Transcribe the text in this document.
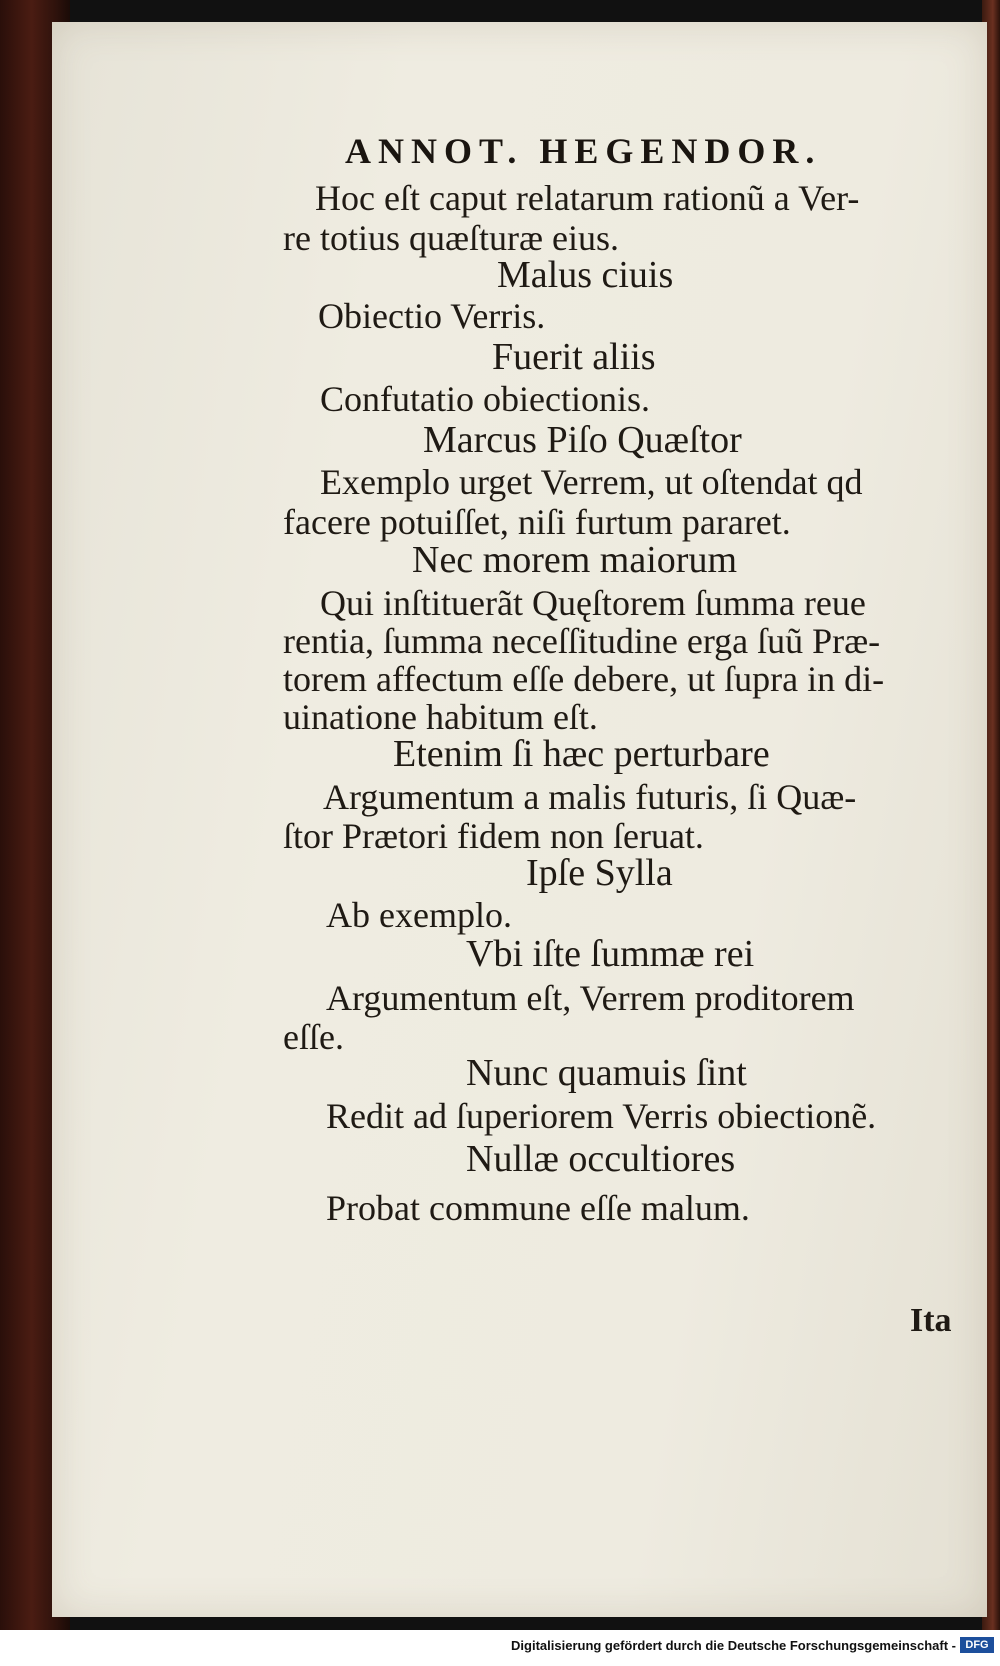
ANNOT. HEGENDOR.
Hoc eſt caput relatarum rationũ a Ver-
re totius quæſturæ eius.
Malus ciuis
Obiectio Verris.
Fuerit aliis
Confutatio obiectionis.
Marcus Piſo Quæſtor
Exemplo urget Verrem, ut oſtendat qd
facere potuiſſet, niſi furtum pararet.
Nec morem maiorum
Qui inſtituerãt Quęſtorem ſumma reue
rentia, ſumma neceſſitudine erga ſuũ Præ-
torem affectum eſſe debere, ut ſupra in di-
uinatione habitum eſt.
Etenim ſi hæc perturbare
Argumentum a malis futuris, ſi Quæ-
ſtor Prætori fidem non ſeruat.
Ipſe Sylla
Ab exemplo.
Vbi iſte ſummæ rei
Argumentum eſt, Verrem proditorem
eſſe.
Nunc quamuis ſint
Redit ad ſuperiorem Verris obiectionẽ.
Nullæ occultiores
Probat commune eſſe malum.
Ita
Digitalisierung gefördert durch die Deutsche Forschungsgemeinschaft - DFG
